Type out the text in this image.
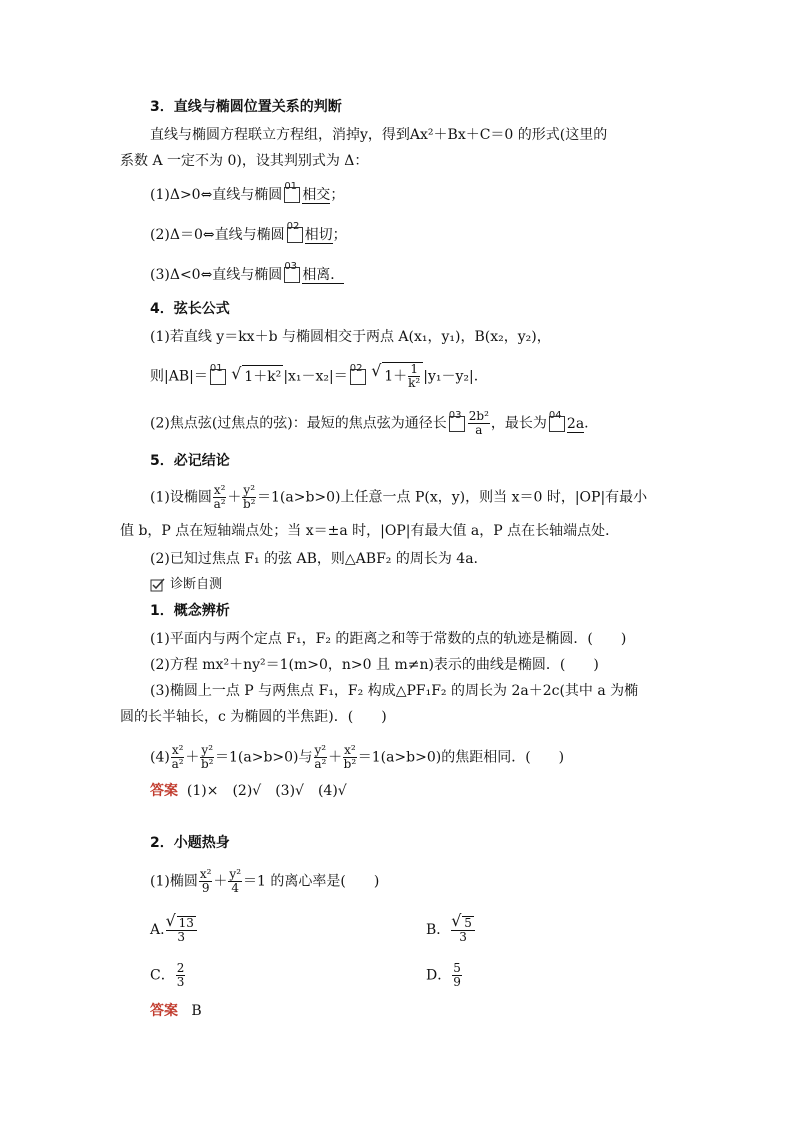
3．直线与椭圆位置关系的判断
直线与椭圆方程联立方程组，消掉y，得到Ax²＋Bx＋C＝0 的形式(这里的
系数 A 一定不为 0)，设其判别式为 Δ：
(1)Δ>0⇔直线与椭圆
01
相交；
(2)Δ＝0⇔直线与椭圆
02
相切；
(3)Δ<0⇔直线与椭圆
03
相离．
4．弦长公式
(1)若直线 y＝kx＋b 与椭圆相交于两点 A(x₁，y₁)，B(x₂，y₂)，
则|AB|＝
01
√ 1＋k² |x₁－x₂|＝
02
√ $1+ \frac{1}{\text{k²}} |y_1-y_2|$.
(2)焦点弦(过焦点的弦)：最短的焦点弦为通径长
$03 \frac{\text{2b²}}{a}$ ，最长为
04
2a.
5．必记结论
(1)设椭圆 $\frac{\text{x²}}{\text{a²}} + \frac{\text{y²}}{\text{b²}} =1(a>b>0)$上任意一点 P(x，y)，则当 x＝0 时，|OP|有最小
值 b，P 点在短轴端点处；当 x＝±a 时，|OP|有最大值 a，P 点在长轴端点处．
(2)已知过焦点 F₁ 的弦 AB，则△ABF₂ 的周长为 4a.
诊断自测
1．概念辨析
(1)平面内与两个定点 F₁，F₂ 的距离之和等于常数的点的轨迹是椭圆．(　　)
(2)方程 mx²＋ny²＝1(m>0，n>0 且 m≠n)表示的曲线是椭圆．(　　)
(3)椭圆上一点 P 与两焦点 F₁，F₂ 构成△PF₁F₂ 的周长为 2a＋2c(其中 a 为椭
圆的长半轴长，c 为椭圆的半焦距)．(　　)
$(4) \frac{\text{x²}}{\text{a²}} + \frac{\text{y²}}{\text{b²}} =1(a>b>0)$与 $\frac{\text{y²}}{\text{a²}} + \frac{\text{x²}}{\text{b²}} =1(a>b>0)$的焦距相同．(　　)
答案 (1)×　(2)√　(3)√　(4)√
2．小题热身
(1)椭圆 $\frac{\text{x²}}{9} + \frac{\text{y²}}{4} =1$ 的离心率是(　　)
A. √ $\frac{13}{3}$	B． √ $\frac{5}{3}$
C． $\frac{2}{3}$	D． $\frac{5}{9}$
答案 B
